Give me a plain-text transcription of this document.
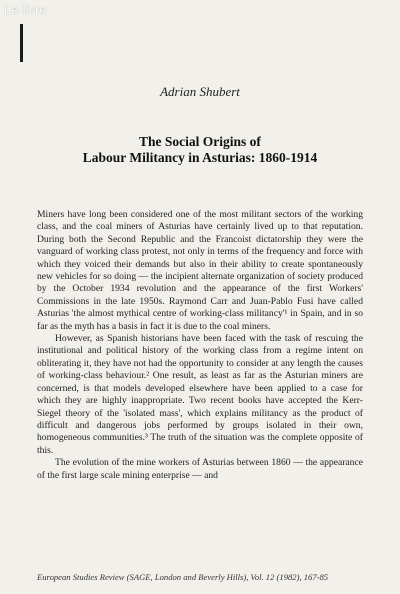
Le-livre
Adrian Shubert
The Social Origins of
Labour Militancy in Asturias: 1860-1914

Miners have long been considered one of the most militant sectors of the working class, and the coal miners of Asturias have certainly lived up to that reputation. During both the Second Republic and the Francoist dictatorship they were the vanguard of working class protest, not only in terms of the frequency and force with which they voiced their demands but also in their ability to create spontaneously new vehicles for so doing — the incipient alternate organization of society produced by the October 1934 revolution and the appearance of the first Workers' Commissions in the late 1950s. Raymond Carr and Juan-Pablo Fusi have called Asturias 'the almost mythical centre of working-class militancy'¹ in Spain, and in so far as the myth has a basis in fact it is due to the coal miners.

However, as Spanish historians have been faced with the task of rescuing the institutional and political history of the working class from a regime intent on obliterating it, they have not had the opportunity to consider at any length the causes of working-class behaviour.² One result, as least as far as the Asturian miners are concerned, is that models developed elsewhere have been applied to a case for which they are highly inappropriate. Two recent books have accepted the Kerr-Siegel theory of the 'isolated mass', which explains militancy as the product of difficult and dangerous jobs performed by groups isolated in their own, homogeneous communities.³ The truth of the situation was the complete opposite of this.

The evolution of the mine workers of Asturias between 1860 — the appearance of the first large scale mining enterprise — and

European Studies Review (SAGE, London and Beverly Hills), Vol. 12 (1982), 167-85
